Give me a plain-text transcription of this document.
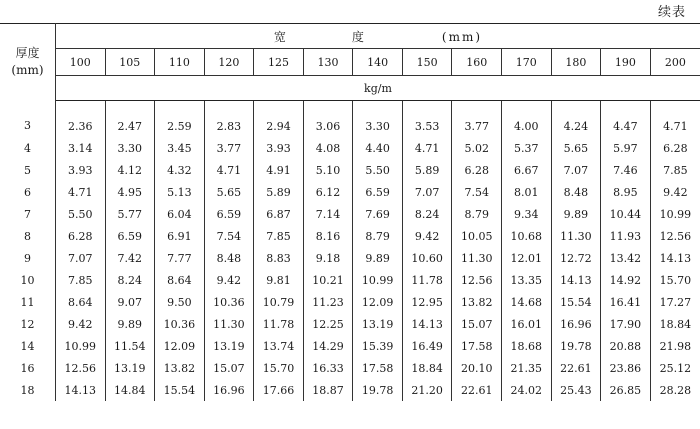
续表
厚度
(mm)	宽 度 (mm)												
	100	105	110	120	125	130	140	150	160	170	180	190	200
	kg/m												
3	2.36	2.47	2.59	2.83	2.94	3.06	3.30	3.53	3.77	4.00	4.24	4.47	4.71
4	3.14	3.30	3.45	3.77	3.93	4.08	4.40	4.71	5.02	5.37	5.65	5.97	6.28
5	3.93	4.12	4.32	4.71	4.91	5.10	5.50	5.89	6.28	6.67	7.07	7.46	7.85
6	4.71	4.95	5.13	5.65	5.89	6.12	6.59	7.07	7.54	8.01	8.48	8.95	9.42
7	5.50	5.77	6.04	6.59	6.87	7.14	7.69	8.24	8.79	9.34	9.89	10.44	10.99
8	6.28	6.59	6.91	7.54	7.85	8.16	8.79	9.42	10.05	10.68	11.30	11.93	12.56
9	7.07	7.42	7.77	8.48	8.83	9.18	9.89	10.60	11.30	12.01	12.72	13.42	14.13
10	7.85	8.24	8.64	9.42	9.81	10.21	10.99	11.78	12.56	13.35	14.13	14.92	15.70
11	8.64	9.07	9.50	10.36	10.79	11.23	12.09	12.95	13.82	14.68	15.54	16.41	17.27
12	9.42	9.89	10.36	11.30	11.78	12.25	13.19	14.13	15.07	16.01	16.96	17.90	18.84
14	10.99	11.54	12.09	13.19	13.74	14.29	15.39	16.49	17.58	18.68	19.78	20.88	21.98
16	12.56	13.19	13.82	15.07	15.70	16.33	17.58	18.84	20.10	21.35	22.61	23.86	25.12
18	14.13	14.84	15.54	16.96	17.66	18.87	19.78	21.20	22.61	24.02	25.43	26.85	28.28
